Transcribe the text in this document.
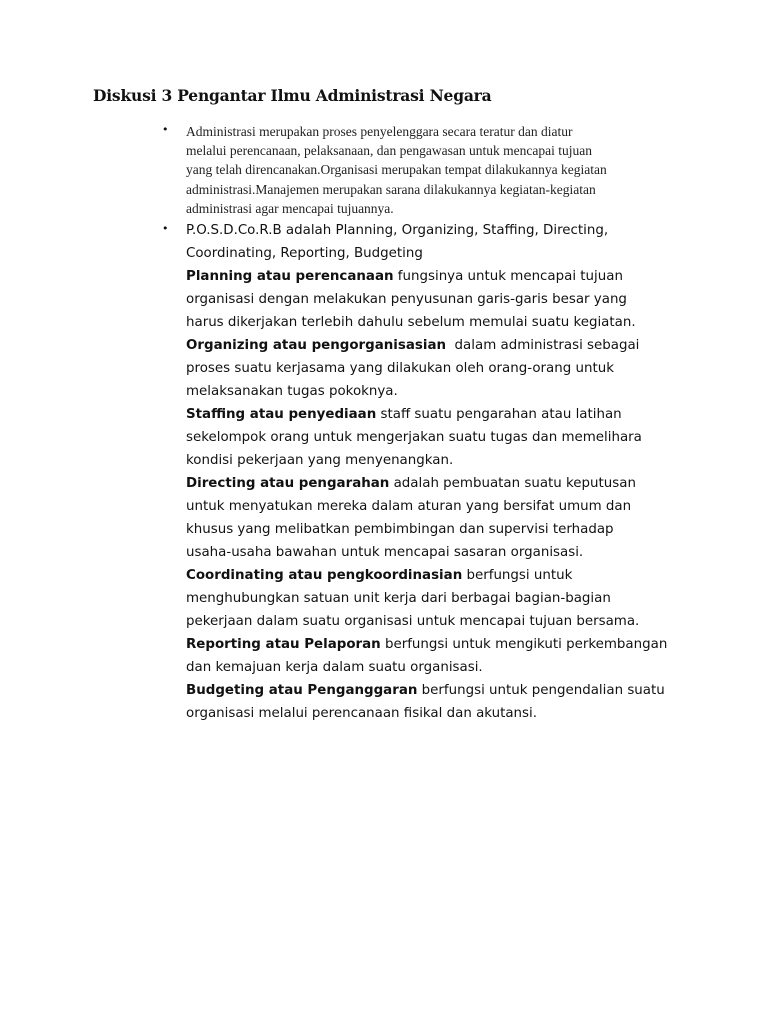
Diskusi 3 Pengantar Ilmu Administrasi Negara
• Administrasi merupakan proses penyelenggara secara teratur dan diatur
melalui perencanaan, pelaksanaan, dan pengawasan untuk mencapai tujuan
yang telah direncanakan.Organisasi merupakan tempat dilakukannya kegiatan
administrasi.Manajemen merupakan sarana dilakukannya kegiatan-kegiatan
administrasi agar mencapai tujuannya.
• P.O.S.D.Co.R.B adalah Planning, Organizing, Staffing, Directing,
Coordinating, Reporting, Budgeting
Planning atau perencanaan fungsinya untuk mencapai tujuan
organisasi dengan melakukan penyusunan garis-garis besar yang
harus dikerjakan terlebih dahulu sebelum memulai suatu kegiatan.
Organizing atau pengorganisasian  dalam administrasi sebagai
proses suatu kerjasama yang dilakukan oleh orang-orang untuk
melaksanakan tugas pokoknya.
Staffing atau penyediaan staff suatu pengarahan atau latihan
sekelompok orang untuk mengerjakan suatu tugas dan memelihara
kondisi pekerjaan yang menyenangkan.
Directing atau pengarahan adalah pembuatan suatu keputusan
untuk menyatukan mereka dalam aturan yang bersifat umum dan
khusus yang melibatkan pembimbingan dan supervisi terhadap
usaha-usaha bawahan untuk mencapai sasaran organisasi.
Coordinating atau pengkoordinasian berfungsi untuk
menghubungkan satuan unit kerja dari berbagai bagian-bagian
pekerjaan dalam suatu organisasi untuk mencapai tujuan bersama.
Reporting atau Pelaporan berfungsi untuk mengikuti perkembangan
dan kemajuan kerja dalam suatu organisasi.
Budgeting atau Penganggaran berfungsi untuk pengendalian suatu
organisasi melalui perencanaan fisikal dan akutansi.
